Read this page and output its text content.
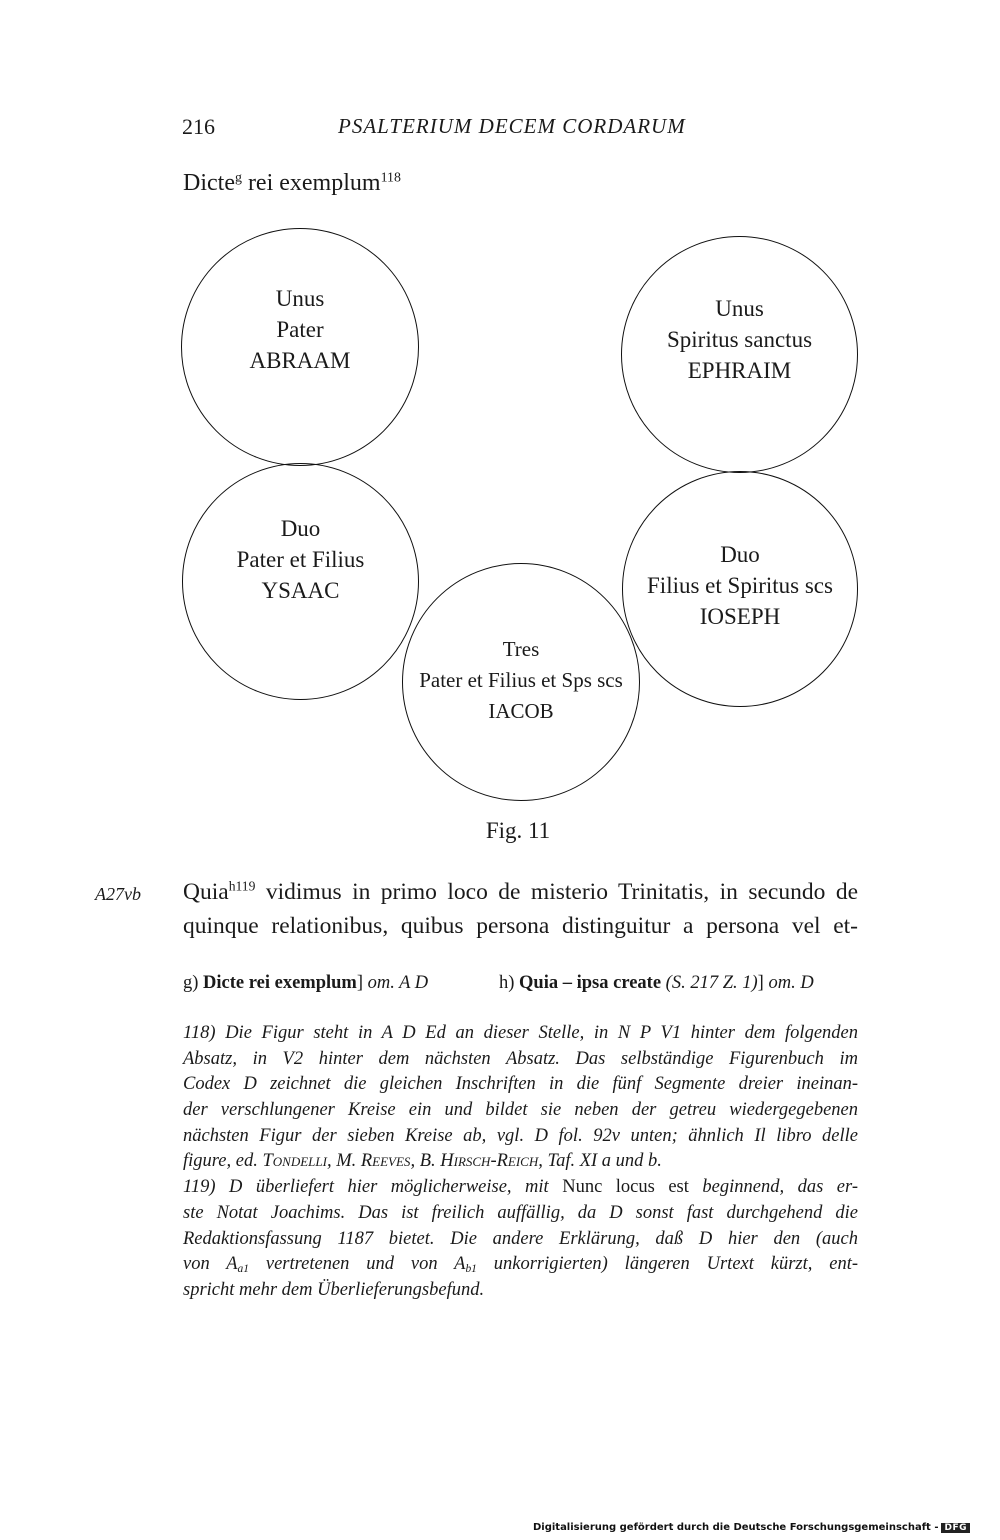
216	PSALTERIUM DECEM CORDARUM
Dicte$^g$ rei exemplum$^{118}$
Unus
Pater
ABRAAM
Duo
Pater et Filius
YSAAC
Tres
Pater et Filius et Sps scs
IACOB
Duo
Filius et Spiritus scs
IOSEPH
Unus
Spiritus sanctus
EPHRAIM
Fig. 11
A27vb Quia$^{h119}$ vidimus in primo loco de misterio Trinitatis, in secundo de
quinque relationibus, quibus persona distinguitur a persona vel et-
g) Dicte rei exemplum] om. A D	h) Quia – ipsa create (S. 217 Z. 1)] om. D
118) Die Figur steht in A D Ed an dieser Stelle, in N P V1 hinter dem folgenden
Absatz, in V2 hinter dem nächsten Absatz. Das selbständige Figurenbuch im
Codex D zeichnet die gleichen Inschriften in die fünf Segmente dreier ineinan-
der verschlungener Kreise ein und bildet sie neben der getreu wiedergegebenen
nächsten Figur der sieben Kreise ab, vgl. D fol. 92v unten; ähnlich Il libro delle
figure, ed. Tondelli, M. Reeves, B. Hirsch-Reich, Taf. XI a und b.
119) D überliefert hier möglicherweise, mit Nunc locus est beginnend, das er-
ste Notat Joachims. Das ist freilich auffällig, da D sonst fast durchgehend die
Redaktionsfassung 1187 bietet. Die andere Erklärung, daß D hier den (auch
von $A_{a1}$ vertretenen und von $A_{b1}$ unkorrigierten) längeren Urtext kürzt, ent-
spricht mehr dem Überlieferungsbefund.
Digitalisierung gefördert durch die Deutsche Forschungsgemeinschaft - DFG
